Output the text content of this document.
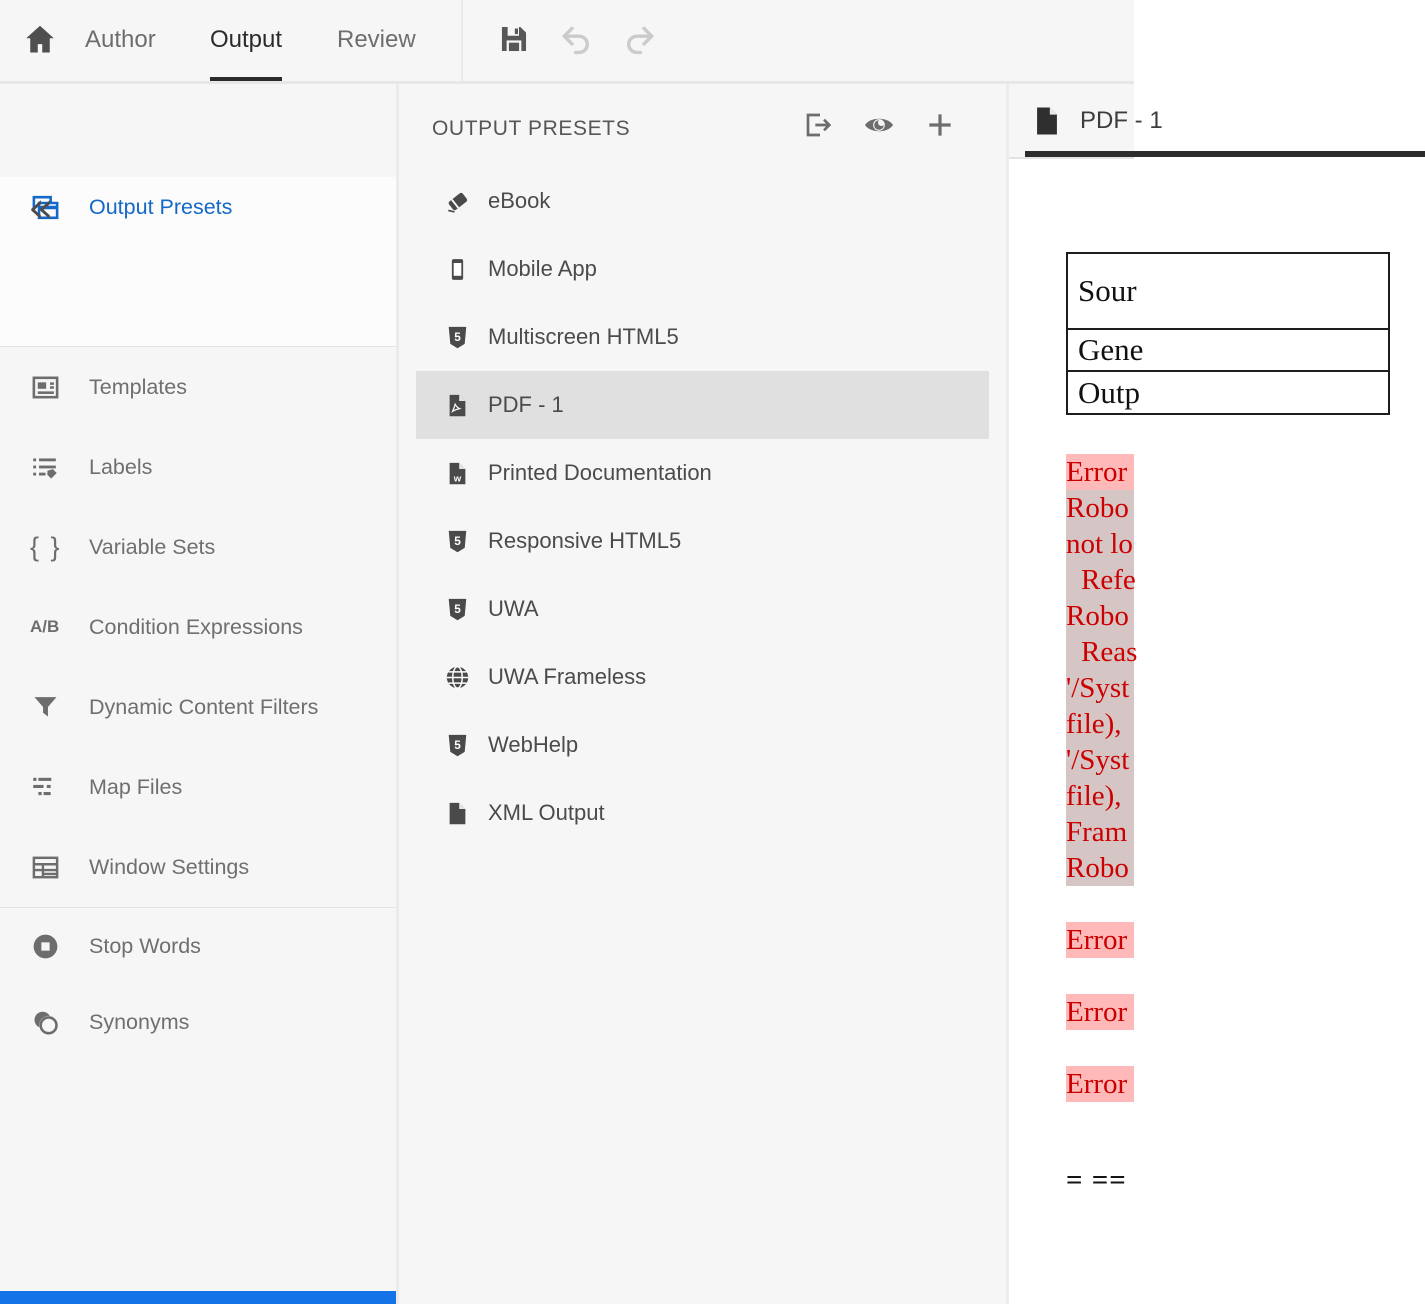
Author Output Review
« Output Presets
Templates
Labels
{ } Variable Sets
A/B Condition Expressions
Dynamic Content Filters
Map Files
Window Settings
Stop Words
Synonyms
OUTPUT PRESETS
eBook
Mobile App
5 Multiscreen HTML5
PDF - 1
w Printed Documentation
5 Responsive HTML5
5 UWA
UWA Frameless
5 WebHelp
XML Output
PDF - 1
Sour
Gene
Outp
Error
Robo
not lo
Refe
Robo
Reas
'/Syst
file),
'/Syst
file),
Fram
Robo
Error
Error
Error
= ==
